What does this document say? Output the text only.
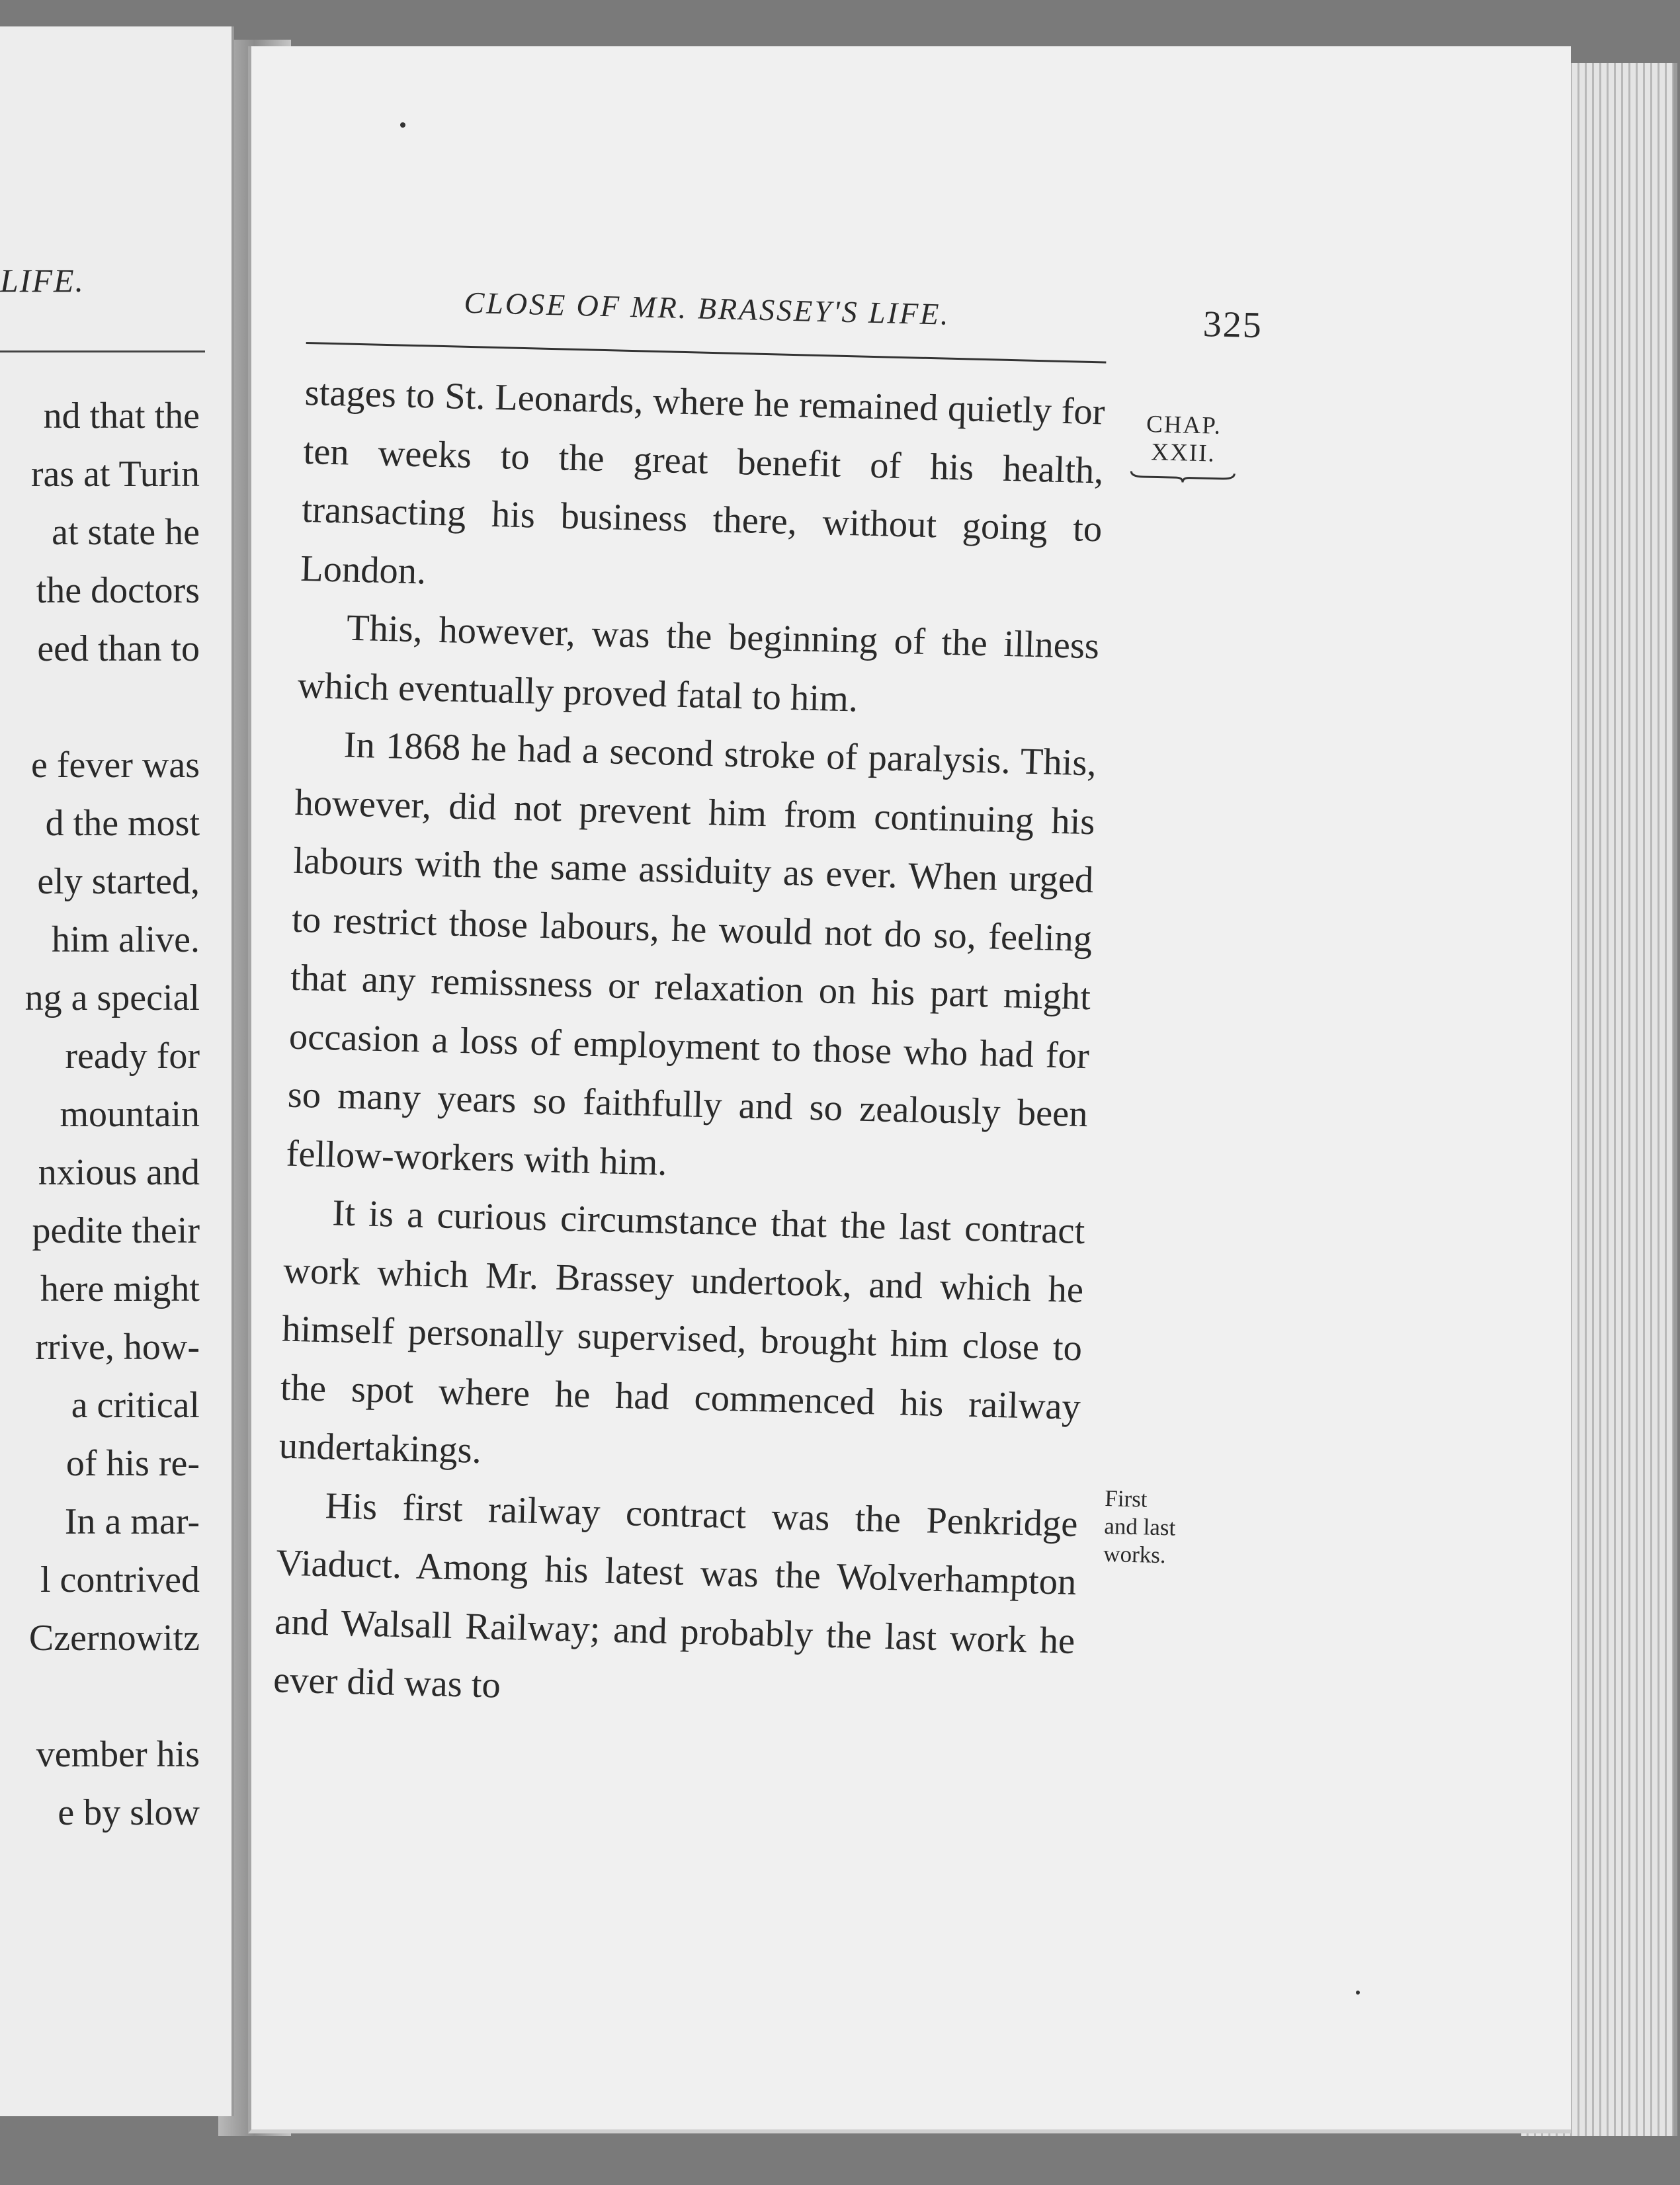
LIFE.
nd that the
ras at Turin
at state he
the doctors
eed than to

e fever was
d the most
ely started,
him alive.
ng a special
ready for
mountain
nxious and
pedite their
here might
rrive, how-
a critical
of his re-
In a mar-
l contrived
Czernowitz

vember his
e by slow
CLOSE OF MR. BRASSEY'S LIFE.	325
CHAP.
XXII.
First
and last
works.

stages to St. Leonards, where he remained quietly for ten weeks to the great benefit of his health, transacting his business there, without going to London.

This, however, was the beginning of the illness which eventually proved fatal to him.

In 1868 he had a second stroke of paralysis. This, however, did not prevent him from continuing his labours with the same assiduity as ever. When urged to restrict those labours, he would not do so, feeling that any remissness or relaxation on his part might occasion a loss of employment to those who had for so many years so faithfully and so zealously been fellow-workers with him.

It is a curious circumstance that the last contract work which Mr. Brassey undertook, and which he himself personally supervised, brought him close to the spot where he had commenced his railway undertakings.

His first railway contract was the Penkridge Viaduct. Among his latest was the Wolverhampton and Walsall Railway; and probably the last work he ever did was to
